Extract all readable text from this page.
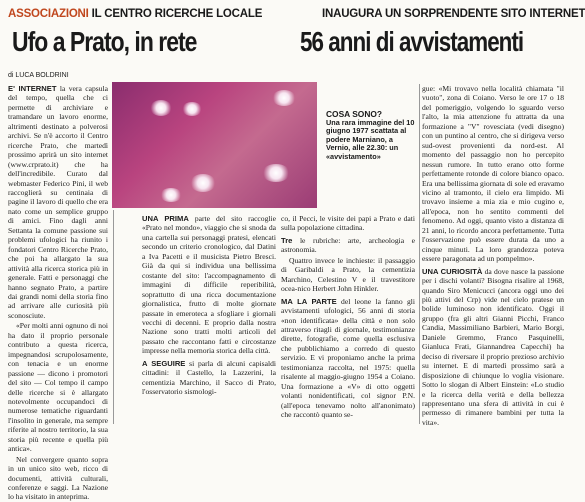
ASSOCIAZIONI IL CENTRO RICERCHE LOCALE	INAUGURA UN SORPRENDENTE SITO INTERNET
Ufo a Prato, in rete	56 anni di avvistamenti
di LUCA BOLDRINI
COSA SONO?
Una rara immagine del 10 giugno 1977 scattata al podere Marniano, a Vernio, alle 22.30: un «avvistamento»

E' INTERNET la vera capsula del tempo, quella che ci permette di archiviare e tramandare un lavoro enorme, altrimenti destinato a polverosi archivi. Se n'è accorto il Centro ricerche Prato, che martedì prossimo aprirà un sito internet (www.crprato.it) che ha dell'incredibile. Curato dal webmaster Federico Pini, il web raccoglierà su centinaia di pagine il lavoro di quello che era nato come un semplice gruppo di amici. Fino dagli anni Settanta la comune passione sui problemi ufologici ha riunito i fondatori Centro Ricerche Prato, che poi ha allargato la sua attività alla ricerca storica più in generale. Fatti e personaggi che hanno segnato Prato, a partire dai grandi nomi della storia fino ad arrivare alle curiosità più sconosciute.

«Per molti anni ognuno di noi ha dato il proprio personale contributo a questa ricerca, impegnandosi scrupolosamente, con tenacia e un enorme passione — dicono i promotori del sito — Col tempo il campo delle ricerche si è allargato notevolmente occupandoci di numerose tematiche riguardanti l'insolito in generale, ma sempre riferite al nostro territorio, la sua storia più recente e quella più antica».

Nel convergere quanto sopra in un unico sito web, ricco di documenti, attività culturali, conferenze e saggi. La Nazione lo ha visitato in anteprima.

UNA PRIMA parte del sito raccoglie «Prato nel mondo», viaggio che si snoda da una cartella sui personaggi pratesi, elencati secondo un criterio cronologico, dal Datini a Iva Pacetti e il musicista Pietro Bresci. Già da qui si individua una bellissima costante del sito: l'accompagnamento di immagini di difficile reperibilità, soprattutto di una ricca documentazione giornalistica, frutto di molte giornate passate in emeroteca a sfogliare i giornali vecchi di decenni. E proprio dalla nostra Nazione sono tratti molti articoli del passato che raccontano fatti e circostanze impresse nella memoria storica della città.

A SEGUIRE si parla di alcuni capisaldi cittadini: il Castello, la Lazzerini, la cementizia Marchino, il Sacco di Prato, l'osservatorio sismologi-

co, il Pecci, le visite dei papi a Prato e dati sulla popolazione cittadina.

Tre le rubriche: arte, archeologia e astronomia.

Quattro invece le inchieste: il passaggio di Garibaldi a Prato, la cementizia Marchino, Celestino V e il travestitore ocea-nico Herbert John Hinkler.

MA LA PARTE del leone la fanno gli avvistamenti ufologici, 56 anni di storia «non identificata» della città e non solo attraverso ritagli di giornale, testimonianze dirette, fotografie, come quella esclusiva che pubblichiamo a corredo di questo servizio. E vi proponiamo anche la prima testimonianza raccolta, nel 1975: quella risalente al maggio-giugno 1954 a Coiano. Una formazione a «V» di otto oggetti volanti nonidentificati, col signor P.N. (all'epoca tenevamo nolto all'anonimato) che raccontò quanto se-

gue: «Mi trovavo nella località chiamata "il vuoto", zona di Coiano. Verso le ore 17 o 18 del pomeriggio, volgendo lo sguardo verso l'alto, la mia attenzione fu attratta da una formazione a "V" rovesciata (vedi disegno) con un puntino al centro, che si dirigeva verso sud-ovest provenienti da nord-est. Al momento del passaggio non ho percepito nessun rumore. In tutto erano otto forme perfettamente rotonde di colore bianco opaco. Era una bellissima giornata di sole ed eravamo vicino al tramonto, il cielo era limpido. Mi trovavo insieme a mia zia e mio cugino e, all'epoca, non ho sentito commenti del fenomeno. Ad oggi, quanto visto a distanza di 21 anni, lo ricordo ancora perfettamente. Tutta l'osservazione può essere durata da uno a cinque minuti. La loro grandezza poteva essere paragonata ad un pompelmo».

UNA CURIOSITÀ da dove nasce la passione per i dischi volanti? Bisogna risalire al 1968, quando Siro Menicucci (ancora oggi uno dei più attivi del Crp) vide nel cielo pratese un bolide luminoso non identificato. Oggi il gruppo (fra gli altri Gianni Picchi, Franco Candia, Massimiliano Barbieri, Mario Borgi, Daniele Gremmo, Franco Pasquinelli, Gianluca Frati, Giannandrea Capecchi) ha deciso di riversare il proprio prezioso archivio su internet. E di martedì prossimo sarà a disposizione di chiunque lo voglia visionare. Sotto lo slogan di Albert Einstein: «Lo studio e la ricerca della verità e della bellezza rappresentano una sfera di attività in cui è permesso di rimanere bambini per tutta la vita».
